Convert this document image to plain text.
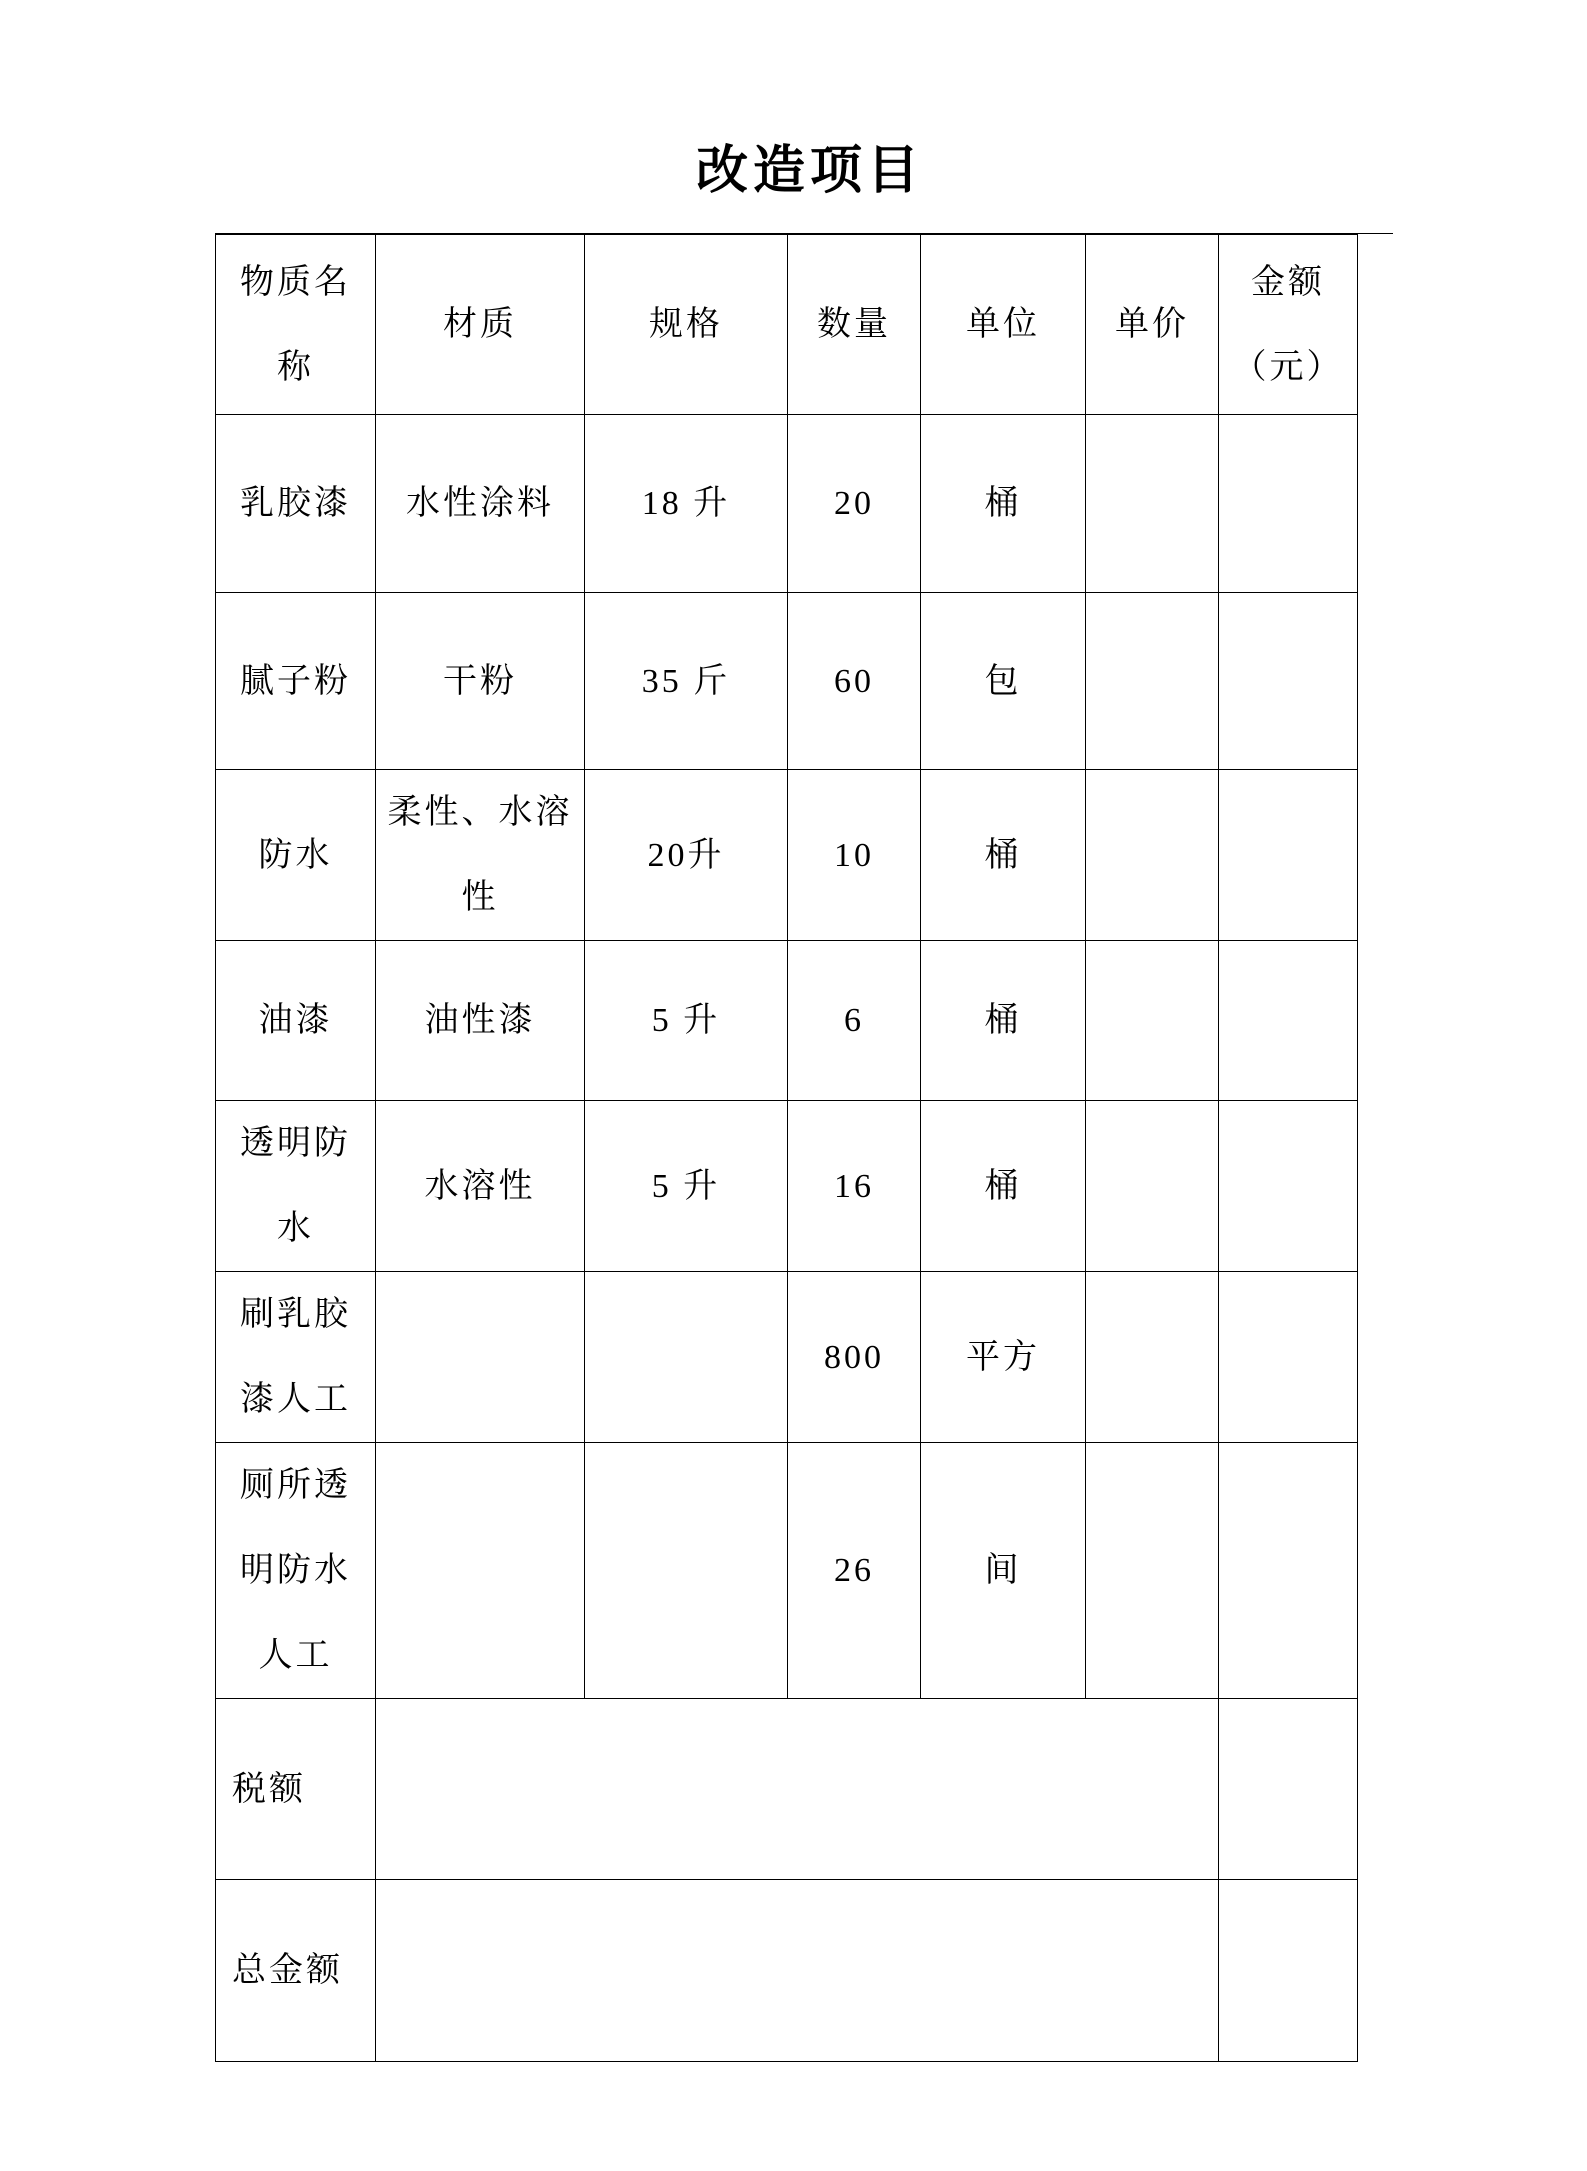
改造项目
物质名称	材质	规格	数量	单位	单价	金额（元）
乳胶漆	水性涂料	18 升	20	桶		
腻子粉	干粉	35 斤	60	包		
防水	柔性、水溶性	20升	10	桶		
油漆	油性漆	5 升	6	桶		
透明防水	水溶性	5 升	16	桶		
刷乳胶漆人工			800	平方		
厕所透明防水人工			26	间		
税额						
总金额						
